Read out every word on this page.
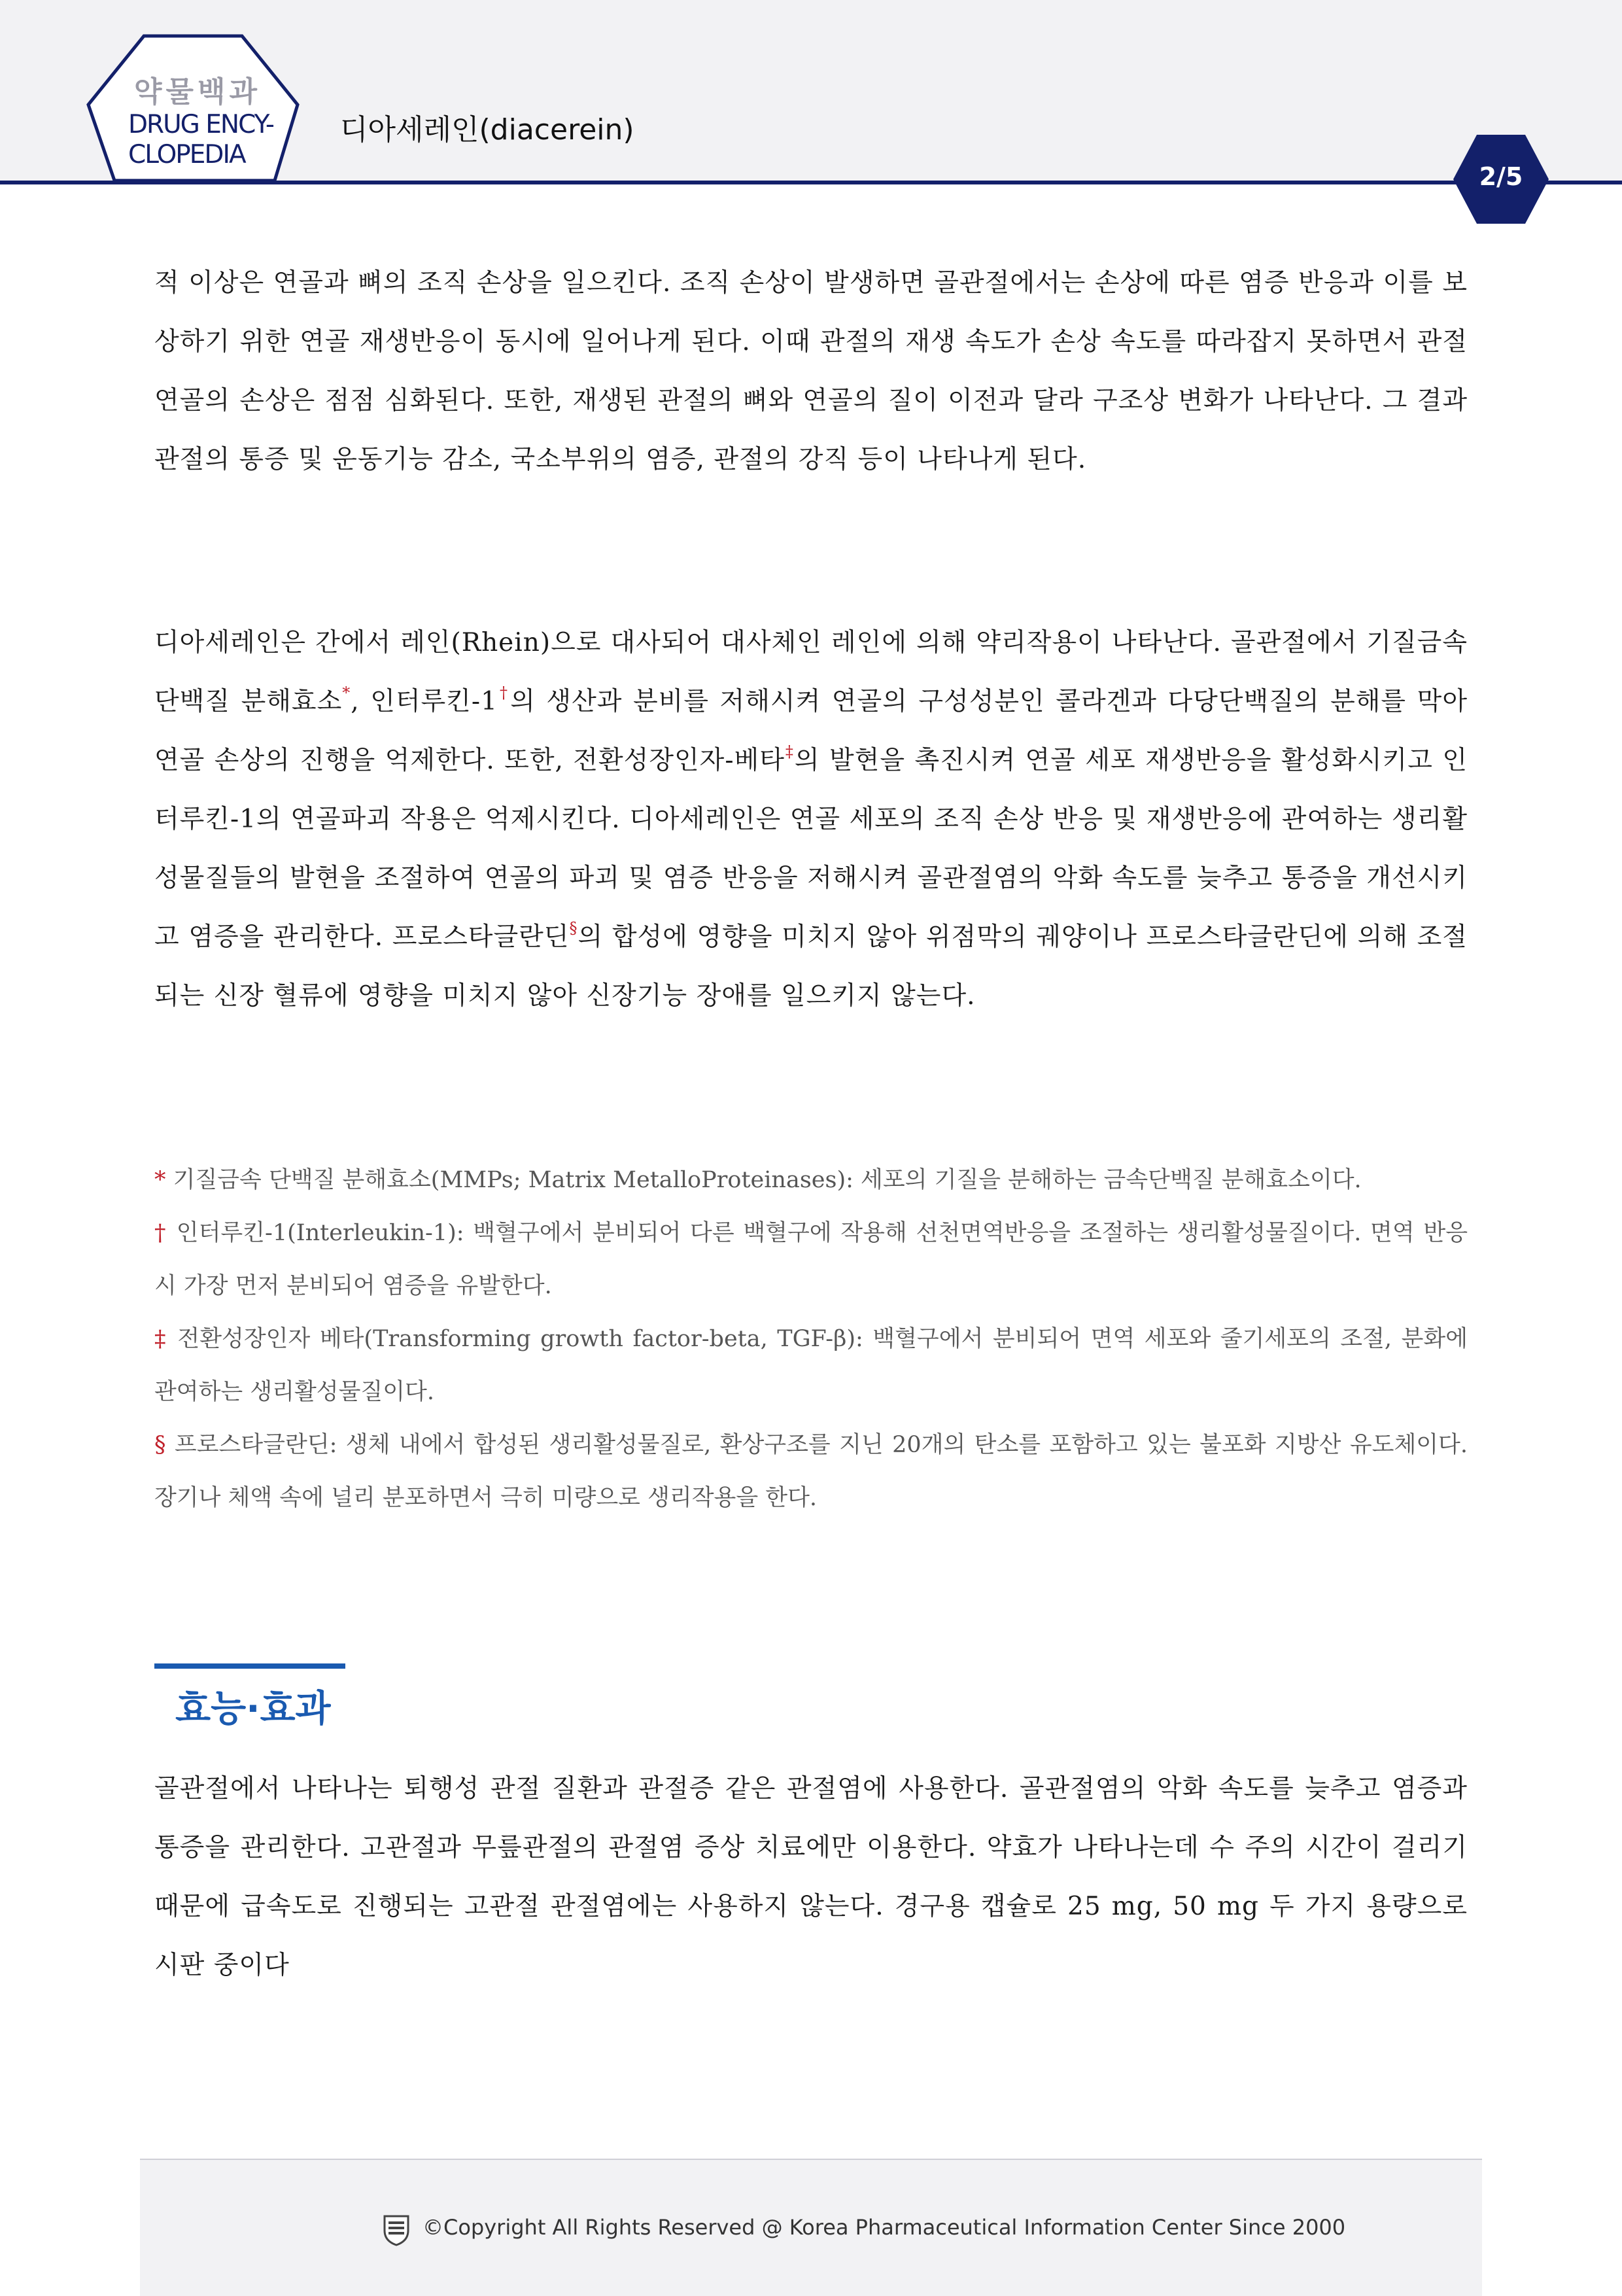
약물백과
DRUG ENCY-
CLOPEDIA
디아세레인(diacerein)
2/5

적 이상은 연골과 뼈의 조직 손상을 일으킨다. 조직 손상이 발생하면 골관절에서는 손상에 따른 염증 반응과 이를 보상하기 위한 연골 재생반응이 동시에 일어나게 된다. 이때 관절의 재생 속도가 손상 속도를 따라잡지 못하면서 관절연골의 손상은 점점 심화된다. 또한, 재생된 관절의 뼈와 연골의 질이 이전과 달라 구조상 변화가 나타난다. 그 결과 관절의 통증 및 운동기능 감소, 국소부위의 염증, 관절의 강직 등이 나타나게 된다.

디아세레인은 간에서 레인(Rhein)으로 대사되어 대사체인 레인에 의해 약리작용이 나타난다. 골관절에서 기질금속 단백질 분해효소*, 인터루킨-1†의 생산과 분비를 저해시켜 연골의 구성성분인 콜라겐과 다당단백질의 분해를 막아 연골 손상의 진행을 억제한다. 또한, 전환성장인자-베타‡의 발현을 촉진시켜 연골 세포 재생반응을 활성화시키고 인터루킨-1의 연골파괴 작용은 억제시킨다. 디아세레인은 연골 세포의 조직 손상 반응 및 재생반응에 관여하는 생리활성물질들의 발현을 조절하여 연골의 파괴 및 염증 반응을 저해시켜 골관절염의 악화 속도를 늦추고 통증을 개선시키고 염증을 관리한다. 프로스타글란딘§의 합성에 영향을 미치지 않아 위점막의 궤양이나 프로스타글란딘에 의해 조절되는 신장 혈류에 영향을 미치지 않아 신장기능 장애를 일으키지 않는다.

* 기질금속 단백질 분해효소(MMPs; Matrix MetalloProteinases): 세포의 기질을 분해하는 금속단백질 분해효소이다.

† 인터루킨-1(Interleukin-1): 백혈구에서 분비되어 다른 백혈구에 작용해 선천면역반응을 조절하는 생리활성물질이다. 면역 반응 시 가장 먼저 분비되어 염증을 유발한다.

‡ 전환성장인자 베타(Transforming growth factor-beta, TGF-β): 백혈구에서 분비되어 면역 세포와 줄기세포의 조절, 분화에 관여하는 생리활성물질이다.

§ 프로스타글란딘: 생체 내에서 합성된 생리활성물질로, 환상구조를 지닌 20개의 탄소를 포함하고 있는 불포화 지방산 유도체이다. 장기나 체액 속에 널리 분포하면서 극히 미량으로 생리작용을 한다.

효능·효과

골관절에서 나타나는 퇴행성 관절 질환과 관절증 같은 관절염에 사용한다. 골관절염의 악화 속도를 늦추고 염증과 통증을 관리한다. 고관절과 무릎관절의 관절염 증상 치료에만 이용한다. 약효가 나타나는데 수 주의 시간이 걸리기 때문에 급속도로 진행되는 고관절 관절염에는 사용하지 않는다. 경구용 캡슐로 25 mg, 50 mg 두 가지 용량으로 시판 중이다

©Copyright All Rights Reserved @ Korea Pharmaceutical Information Center Since 2000
